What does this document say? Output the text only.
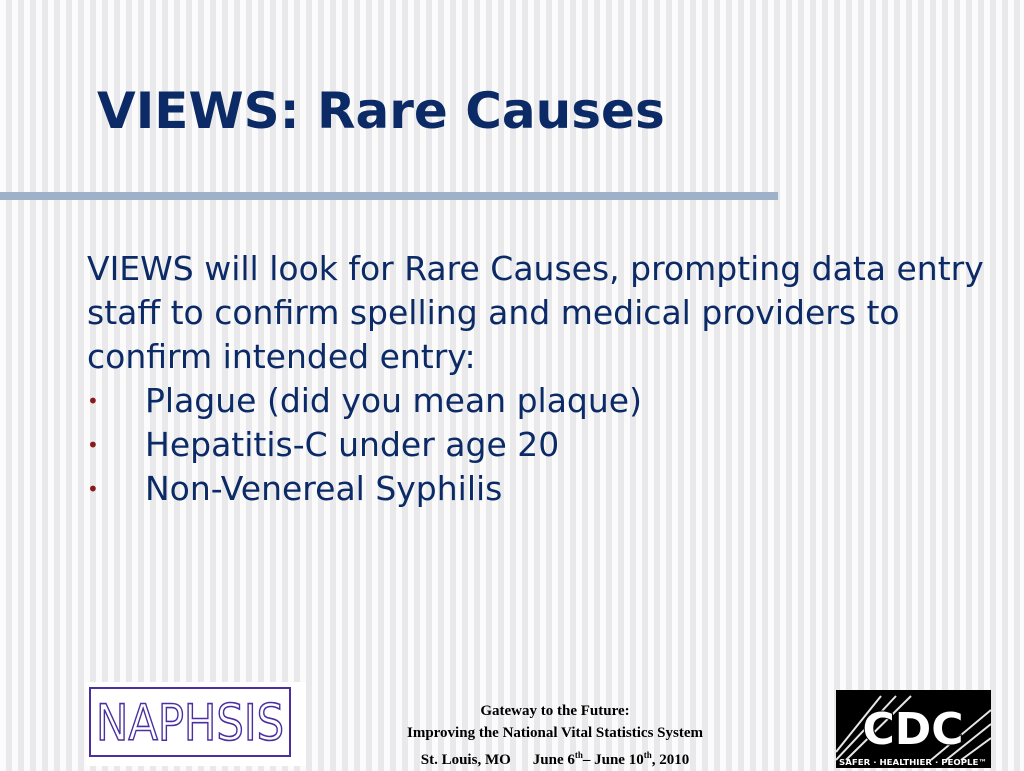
VIEWS: Rare Causes

VIEWS will look for Rare Causes, prompting data entry staff to confirm spelling and medical providers to confirm intended entry:

• Plague (did you mean plaque)
• Hepatitis-C under age 20
• Non-Venereal Syphilis
NAPHSIS	Gateway to the Future:
Improving the National Vital Statistics System
St. Louis, MO June 6th– June 10th, 2010
CDC
SAFER · HEALTHIER · PEOPLE™
